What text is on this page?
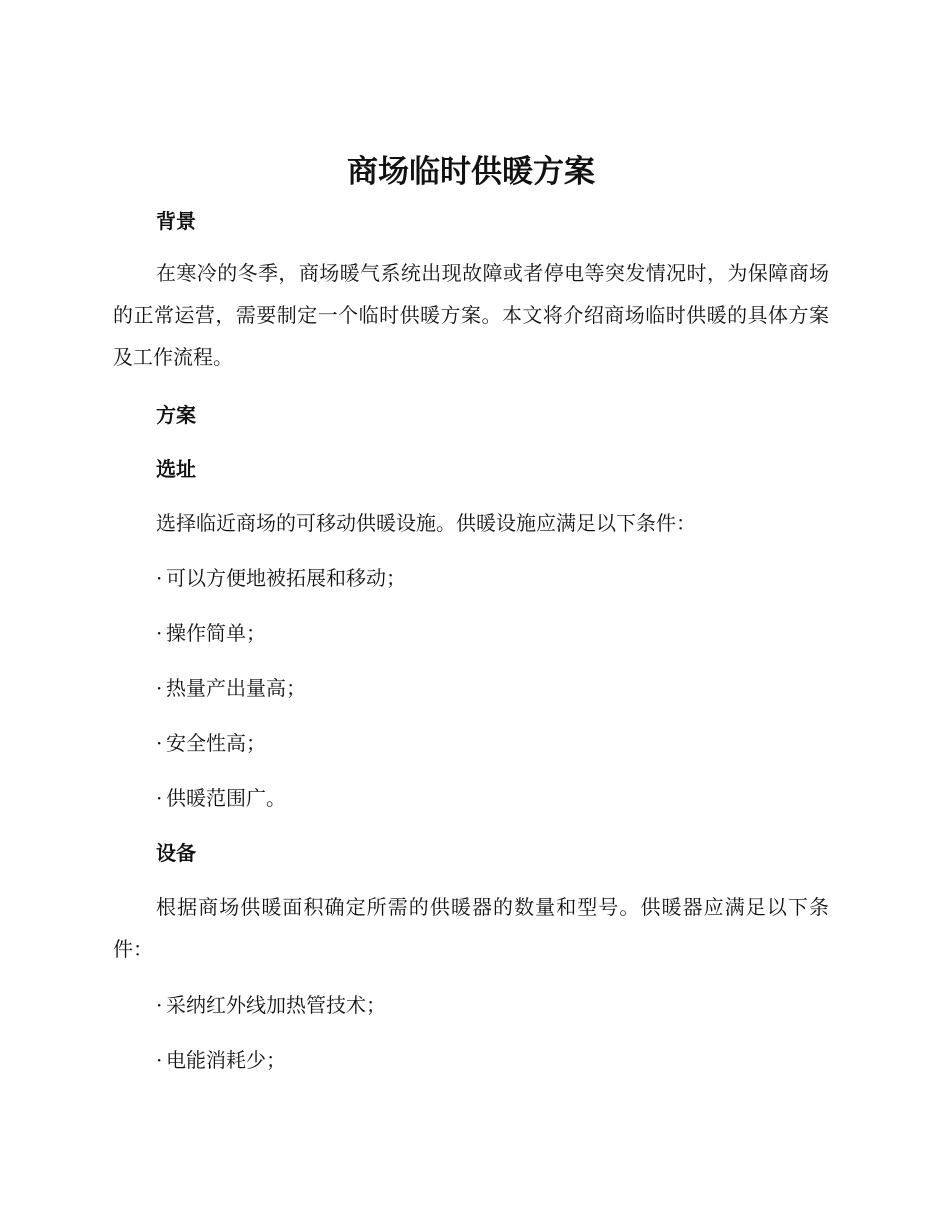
商场临时供暖方案
背景

在寒冷的冬季，商场暖气系统出现故障或者停电等突发情况时，为保障商场的正常运营，需要制定一个临时供暖方案。本文将介绍商场临时供暖的具体方案及工作流程。

方案
选址

选择临近商场的可移动供暖设施。供暖设施应满足以下条件：

· 可以方便地被拓展和移动；

· 操作简单；

· 热量产出量高；

· 安全性高；

· 供暖范围广。

设备

根据商场供暖面积确定所需的供暖器的数量和型号。供暖器应满足以下条件：

· 采纳红外线加热管技术；

· 电能消耗少；
